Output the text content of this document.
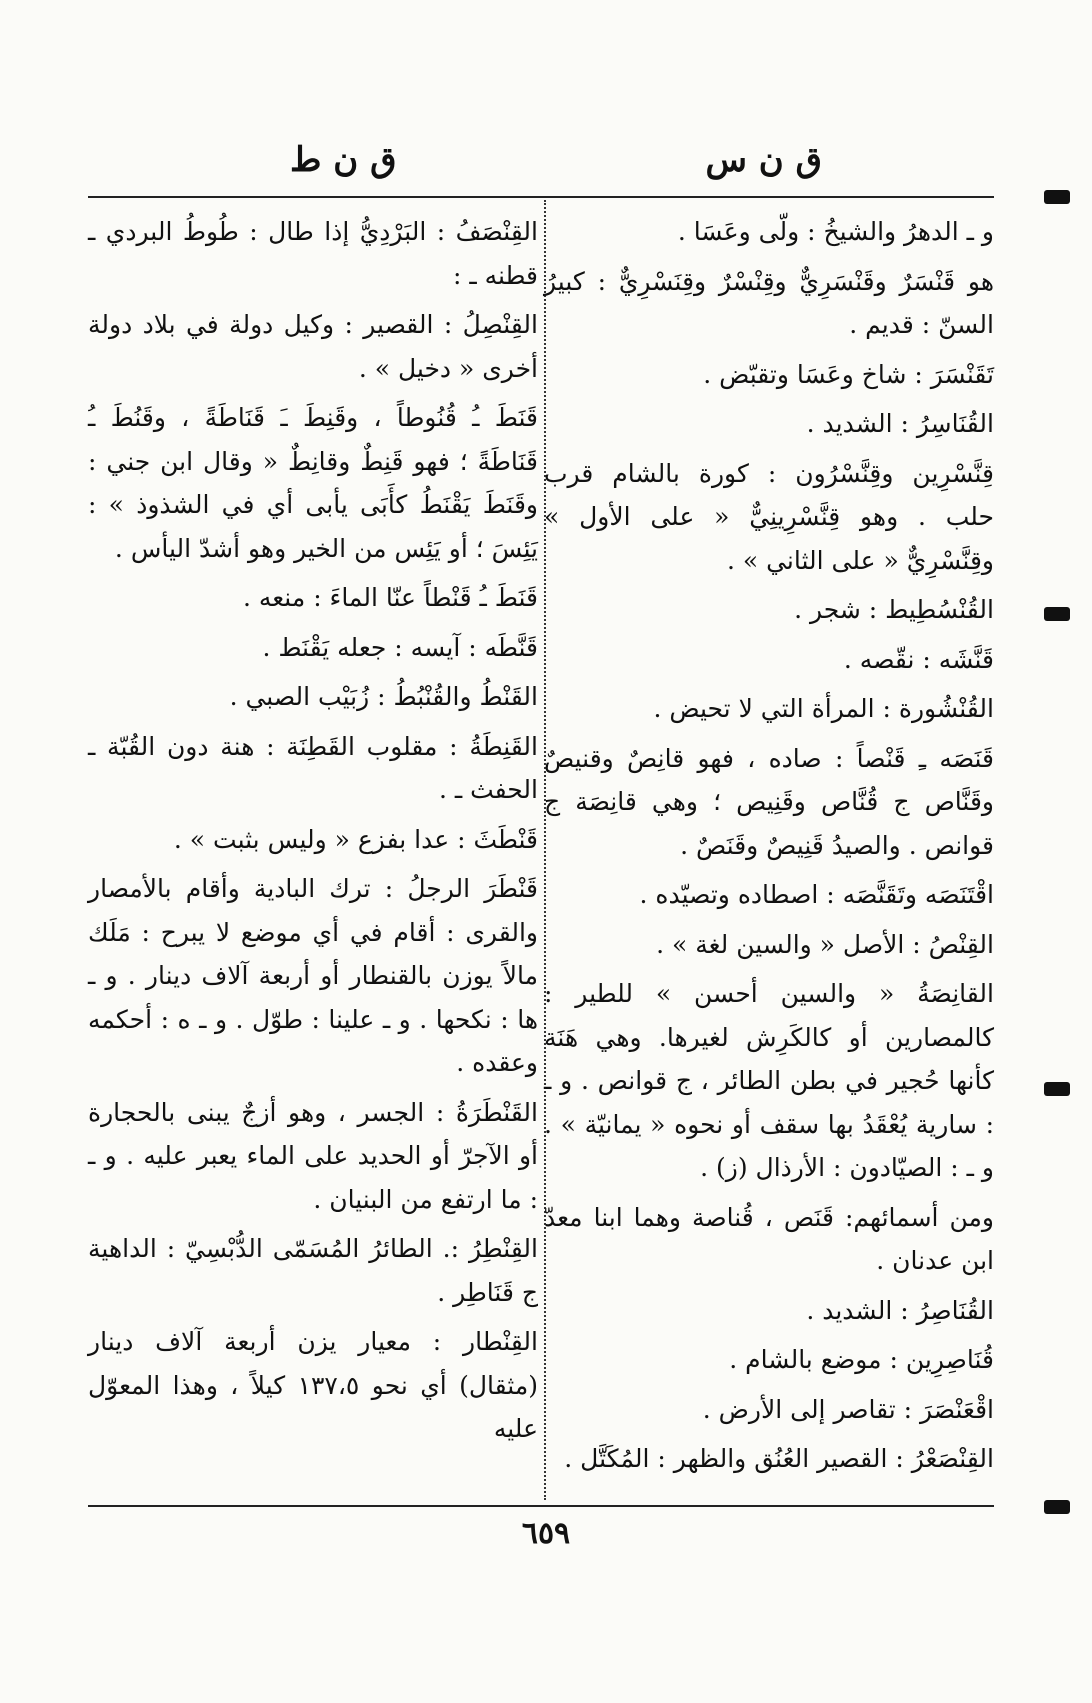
ق ن س
ق ن ط

و ـ الدهرُ والشيخُ : ولّى وعَسَا .

هو قَنْسَرٌ وقَنْسَرِيٌّ وقِنْسْرٌ وقِنَسْرِيٌّ : كبيرُ السنّ : قديم .

تَقَنْسَرَ : شاخ وعَسَا وتقبّض .

القُنَاسِرُ : الشديد .

قِنَّسْرِين وقِنَّسْرُون : كورة بالشام قرب حلب . وهو قِنَّسْرِينِيٌّ « على الأول » وقِنَّسْرِيٌّ « على الثاني » .

القُنْسُطِيط : شجر .

قَنَّشَه : نقّصه .

القُنْشُورة : المرأة التي لا تحيض .

قَنَصَه ـِ قَنْصاً : صاده ، فهو قانِصٌ وقنيصٌ وقَنَّاص ج قُنَّاص وقَنِيص ؛ وهي قانِصَة ج قوانص . والصيدُ قَنِيصٌ وقَنَصٌ .

اقْتَنَصَه وتَقَنَّصَه : اصطاده وتصيّده .

القِنْصُ : الأصل « والسين لغة » .

القانِصَةُ « والسين أحسن » للطير : كالمصارين أو كالكَرِش لغيرها. وهي هَنَة كأنها حُجير في بطن الطائر ، ج قوانص . و ـ : سارية يُعْقَدُ بها سقف أو نحوه « يمانيّة » . و ـ : الصيّادون : الأرذال (ز) .

ومن أسمائهم: قَنَص ، قُناصة وهما ابنا معدّ ابن عدنان .

القُنَاصِرُ : الشديد .

قُنَاصِرِين : موضع بالشام .

اقْعَنْصَرَ : تقاصر إلى الأرض .

القِنْصَعْرُ : القصير العُنُق والظهر : المُكَتَّل .

القِنْصَفُ : البَرْدِيُّ إذا طال : طُوطُ البردي ـ قطنه ـ :

القِنْصِلُ : القصير : وكيل دولة في بلاد دولة أخرى « دخيل » .

قَنَطَ ـُ قُنُوطاً ، وقَنِطَ ـَ قَنَاطَةً ، وقَنُطَ ـُ قَنَاطَةً ؛ فهو قَنِطٌ وقانِطٌ « وقال ابن جني : وقَنَطَ يَقْنَطُ كأَبَى يأبى أي في الشذوذ » : يَئِسَ ؛ أو يَئِس من الخير وهو أشدّ اليأس .

قَنَطَ ـُ قَنْطاً عنّا الماءَ : منعه .

قَنَّطَه : آيسه : جعله يَقْنَط .

القَنْطُ والقُنْبُطُ : زُبَيْب الصبي .

القَنِطَةُ : مقلوب القَطِنَة : هنة دون القُبّة ـ الحفث ـ .

قَنْطَثَ : عدا بفزع « وليس بثبت » .

قَنْطَرَ الرجلُ : ترك البادية وأقام بالأمصار والقرى : أقام في أي موضع لا يبرح : مَلَك مالاً يوزن بالقنطار أو أربعة آلاف دينار . و ـ ها : نكحها . و ـ علينا : طوّل . و ـ ه : أحكمه وعقده .

القَنْطَرَةُ : الجسر ، وهو أزجٌ يبنى بالحجارة أو الآجرّ أو الحديد على الماء يعبر عليه . و ـ : ما ارتفع من البنيان .

القِنْطِرُ :. الطائرُ المُسَمّى الدُّبْسِيّ : الداهية ج قَنَاطِر .

القِنْطار : معيار يزن أربعة آلاف دينار (مثقال) أي نحو ١٣٧،٥ كيلاً ، وهذا المعوّل عليه

٦٥٩
